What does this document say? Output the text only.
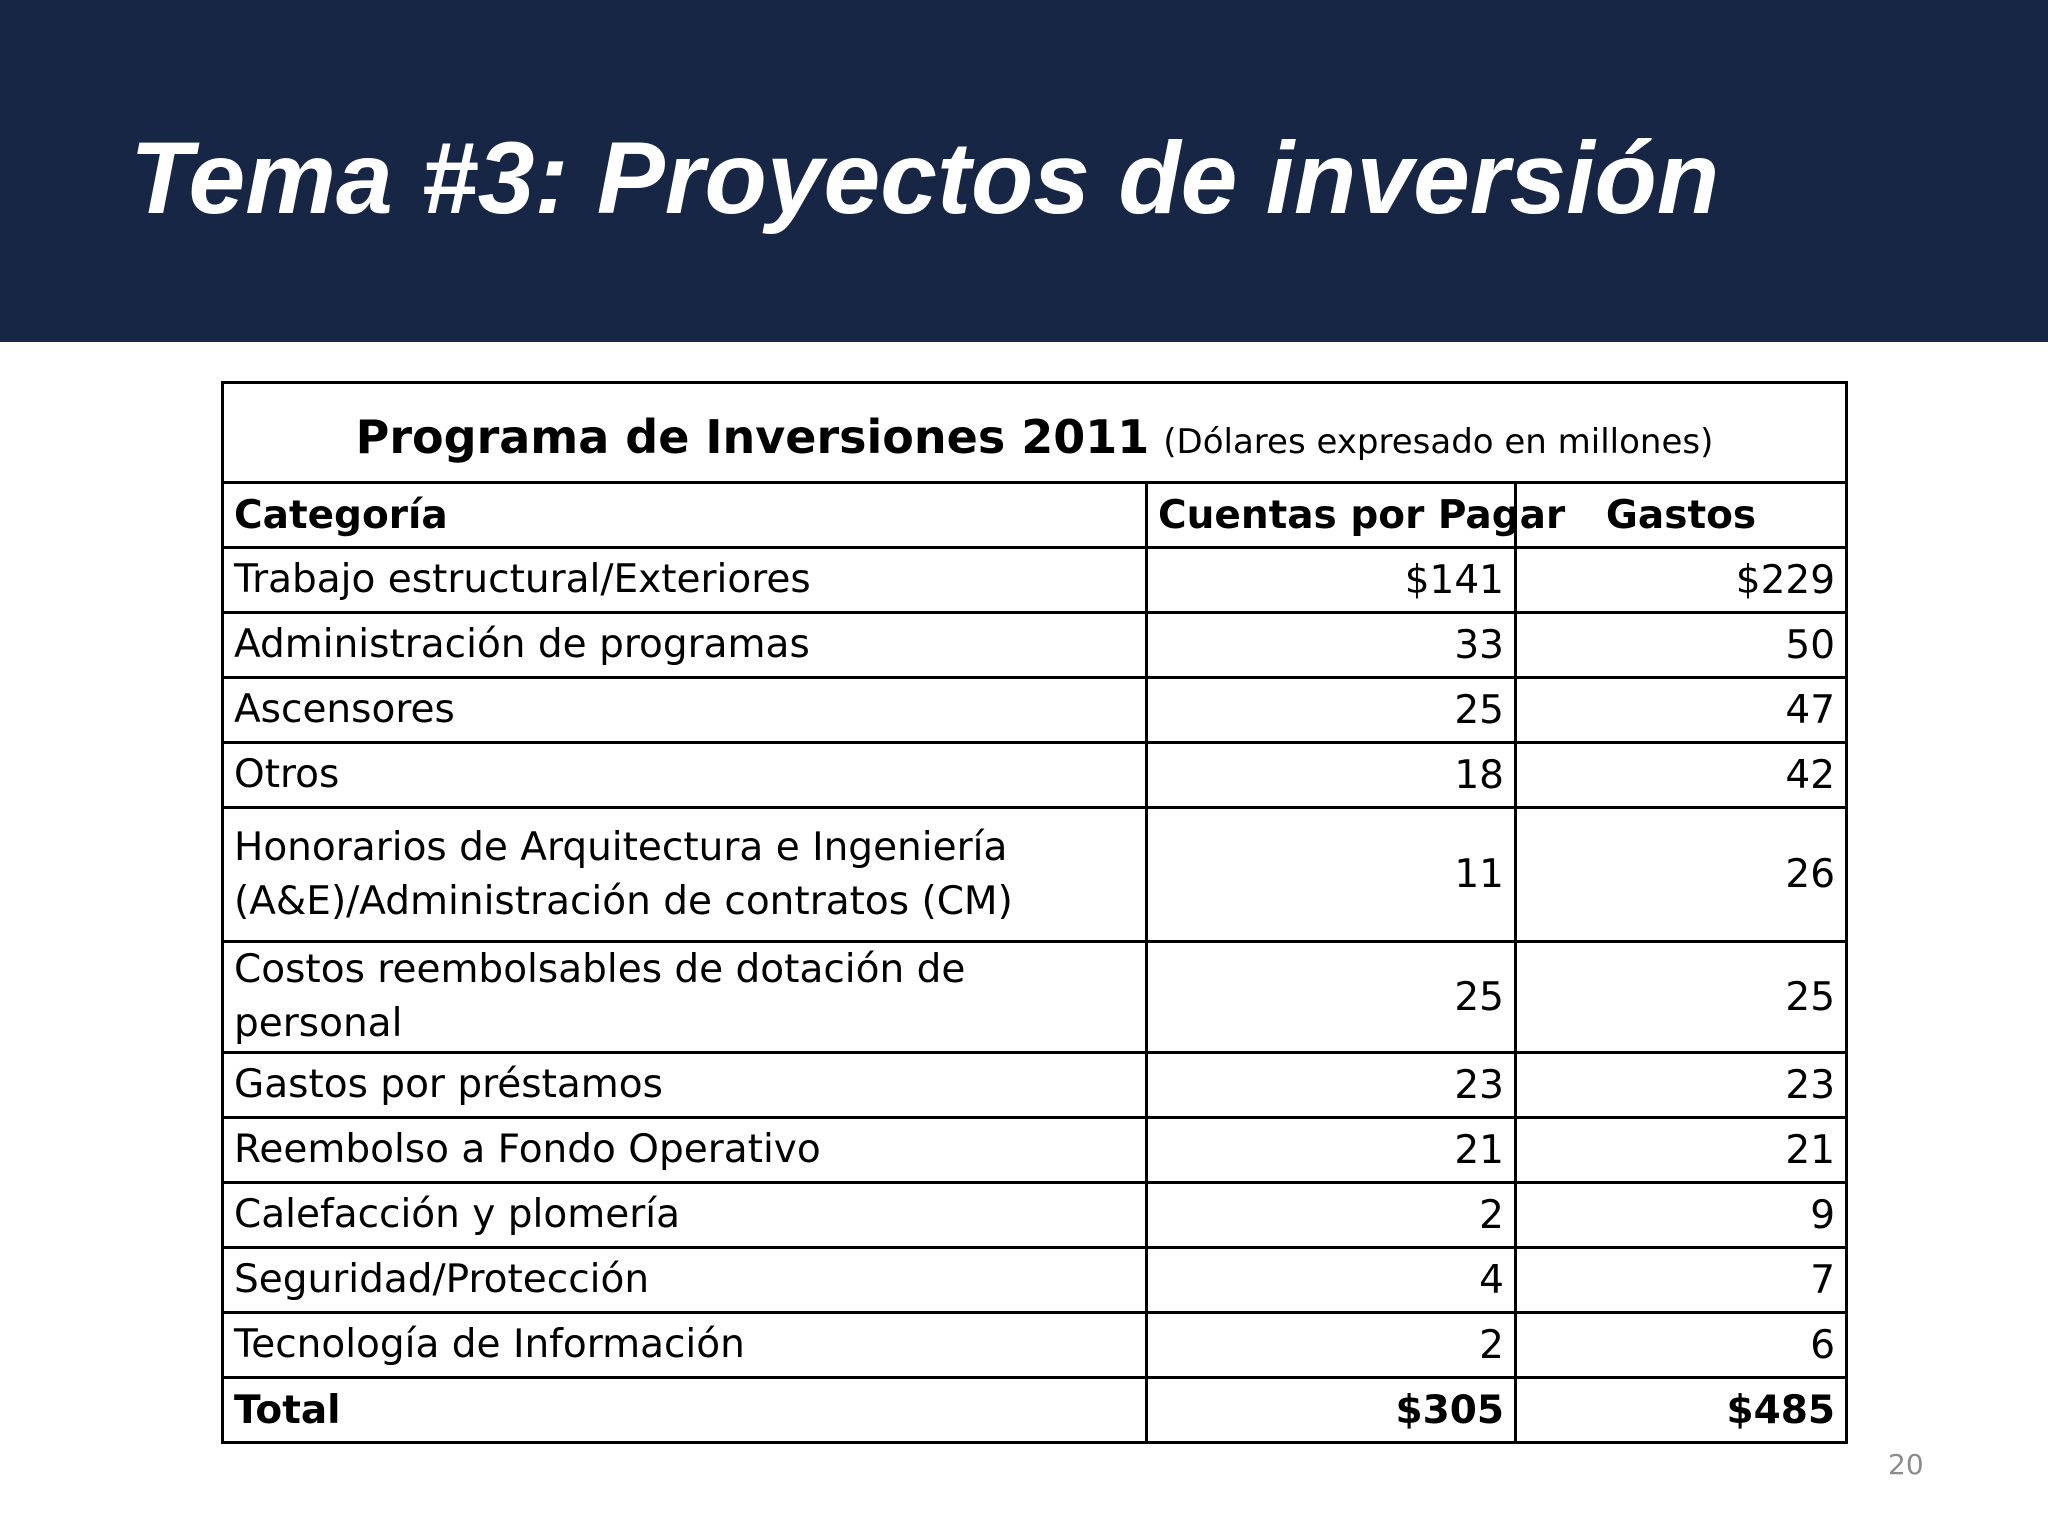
Tema #3: Proyectos de inversión
Programa de Inversiones 2011 (Dólares expresado en millones)		
Categoría	Cuentas por Pagar	Gastos
Trabajo estructural/Exteriores	$141	$229
Administración de programas	33	50
Ascensores	25	47
Otros	18	42
Honorarios de Arquitectura e Ingeniería (A&E)/Administración de contratos (CM)	11	26
Costos reembolsables de dotación de personal	25	25
Gastos por préstamos	23	23
Reembolso a Fondo Operativo	21	21
Calefacción y plomería	2	9
Seguridad/Protección	4	7
Tecnología de Información	2	6
Total	$305	$485
20
